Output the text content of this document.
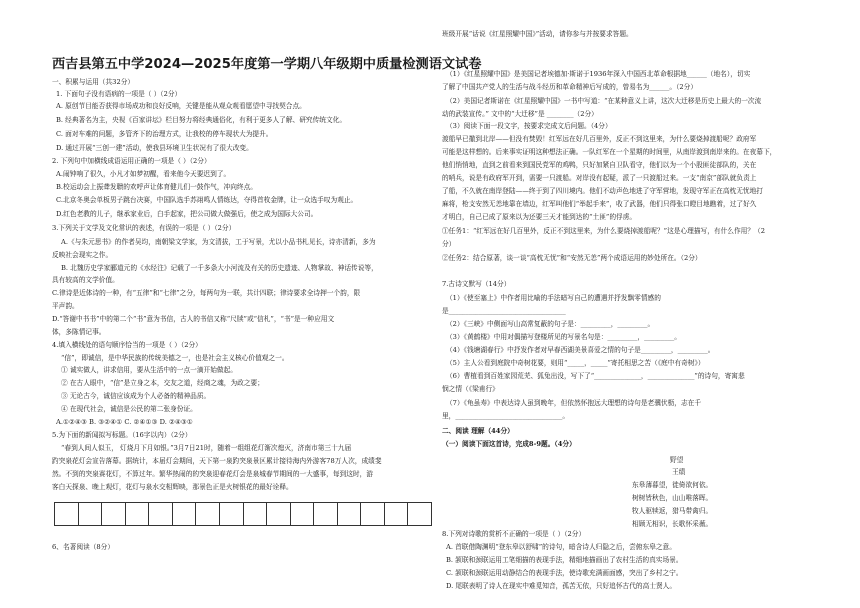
西吉县第五中学2024—2025年度第一学期八年级期中质量检测语文试卷
一、积累与运用（共32分）
1. 下面句子没有语病的一项是（ ）（2分）
A. 原创节目能否获得市场成功和良好反响，关键是能从观众观看愿望中寻找契合点。
B. 经典著名为主，央视《百家讲坛》栏目努力将经典通俗化，有利于更多人了解、研究传统文化。
C. 面对车难的问题，多管齐下的治理方式，让我校的停车现状大为提升。
D. 通过开展“三创一建”活动，使我县环境卫生状况有了很大改变。
2. 下列句中加横线成语运用正确的一项是（ ）（2分）
A.闹钟响了很久，小凡才如梦初醒，看来他今天要迟到了。
B.校运动会上振聋发聩的欢呼声让体育健儿们一鼓作气，冲向终点。
C.北京冬奥会单板男子跳台决赛，中国队选手苏翊鸣人情练达，夺得首枚金牌，让一众选手叹为观止。
D.红色老教的儿子，继承家业后，白手起家，把公司做大做强后，使之成为国际大公司。
3.下列关于文学及文化常识的表述，有误的一项是（ ）（2分）
A.《与朱元思书》的作者吴均，南朝梁文学家，为文清拔，工于写景，尤以小品书札见长，诗亦清新，多为
反映社会现实之作。
B. 北魏历史学家郦道元的《水经注》记载了一千多条大小河流及有关的历史遗迹、人物掌故、神话传说等，
具有较高的文学价值。
C.律诗是近体诗的一种，有“五律”和“七律”之分，每两句为一联，共计四联；律诗要求全诗押一个韵，限
平声韵。
D.“答谢中书书”中的第二个“书”意为书信，古人的书信又称“尺牍”或“信札”，“书”是一种应用文
体，多陈情记事。
4.填入横线处的语句顺序恰当的一项是（ ）（2分）
“信”，即诚信，是中华民族的传统美德之一，也是社会主义核心价值观之一。
① 诚实做人，讲求信用，要从生活中的一点一滴开始做起。
② 在古人眼中，“信”是立身之本，交友之道，经商之魂，为政之要；
③ 无论古今，诚信应该成为个人必备的精神品质。
④ 在现代社会，诚信是公民的第二张身份证。
A.①②④③ B. ③②④① C. ②④①③ D. ②④③①
5.为下面的新闻拟写标题。（16字以内）（2分）
“春到人间人似玉， 灯烧月下月如银。”3月7日21时，随着一组组花灯渐次熄灭，济南市第三十九届
趵突泉花灯会宣告落幕。据统计，本届灯会期间，天下第一泉趵突泉景区累计接待海内外游客78万人次，成绩斐
然。不到的突泉赛花灯，不算过年。繁华热闹的的突泉迎春花灯会是泉城春节期间的一大盛事，每到这时，游
客白天探泉、晚上观灯，花灯与泉水交相辉映，那景色正是火树银花的最好诠释。
6、名著阅读（8分）
班级开展“话说《红星照耀中国》”活动，请你参与并按要求答题。
（1）《红星照耀中国》是美国记者埃德加·斯诺于1936年深入中国西北革命根据地______（地名），切实
了解了中国共产党人的生活与战斗经历和革命精神后写成的，曾易名为______。（2分）
（2）美国记者斯诺在《红星照耀中国》一书中写道：“在某种意义上讲，这次大迁移是历史上最大的一次流
动的武装宣传。” 文中的“大迁移”是 ________（2分）
（3）阅读下面一段文字，按要求完成文后问题。（4分）
渡船早已撤到北岸——但没有焚毁！红军远在好几百里外，反正不到这里来，为什么要烧掉渡船呢？政府军
可能是这样想的。后来事实证明这种想法正确。一队红军在一个星期的时间里，从南岸渡到南岸来的。在夜幕下，
他们悄悄地，直到之前看来到国民党军的鸡鸭，只好加紧自卫队看守，他们以为一个小股匪徒部队的，关在
的哨兵，说是有政府军开到，需要一只渡船。对岸没有起疑，派了一只渡船过来。一支“南京”部队就负责上
了船，不久就在南岸登陆——终于到了四川境内。他们不动声色地进了守军营地，发现守军正在高枕无忧地打
麻将，枪支安然无恙地靠在墙边，红军叫他们“举起手来”，收了武器，他们只得张口瞪目地瞧着，过了好久
才明白，自己已成了原来以为还要三天才能到达的“土匪”的俘虏。
①任务1：“红军远在好几百里外，反正不到这里来，为什么要烧掉渡船呢？”这是心理描写，有什么作用？（2
分）
②任务2：结合原著，谈一谈“高枕无忧”和“安然无恙”两个成语运用的妙处所在。（2分）
7.古诗文默写（14分）
（1）《使至塞上》中作者用比喻的手法暗写自己的遭遇并抒发飘零情感的
是___________________________________
（2）《三峡》中侧面写山高常复蔽的句子是：_________，_________。
（3）《黄鹤楼》中用对偶描写登楼所见的写景名句是：_________，_________。
（4）《钱塘湖春行》中抒发作者对早春西湖美景喜爱之情的句子是_________，_________。
（5）主人公看到庭院中奇树花要，则用“_____，_____”寄托相思之苦（《庭中有奇树》）
（6）曹植看到百姓家园荒芜、狐兔出没，写下了“______________，______________”的诗句，寄寓悲
悯之情（《梁甫行》
（7）《龟虽寿》中表达诗人虽到晚年，但依然怀抱远大理想的诗句是老骥伏枥，志在千
里，________________________________。
二、阅读 理解（44分）
（一）阅读下面这首诗，完成8-9题。（4分）
8.下列对诗歌的赏析不正确的一项是（ ）（2分）
A. 首联借陶渊明“登东皋以舒啸”的诗句，暗含诗人归隐之后，尝俯东皋之意。
B. 颔联和颈联运用工笔细描的表现手法，精细地描画出了农村生活的真实场景。
C. 颔联和颈联运用动静结合的表现手法，使诗歌充满画面感，突出了乡村之宁。
D. 尾联表明了诗人在现实中难觅知音，孤苦无依，只好追怀古代的高士贤人。
野望
王绩
东皋薄暮望，徙倚欲何依。
树树皆秋色，山山唯落晖。
牧人驱犊返，猎马带禽归。
相顾无相识，长歌怀采薇。
